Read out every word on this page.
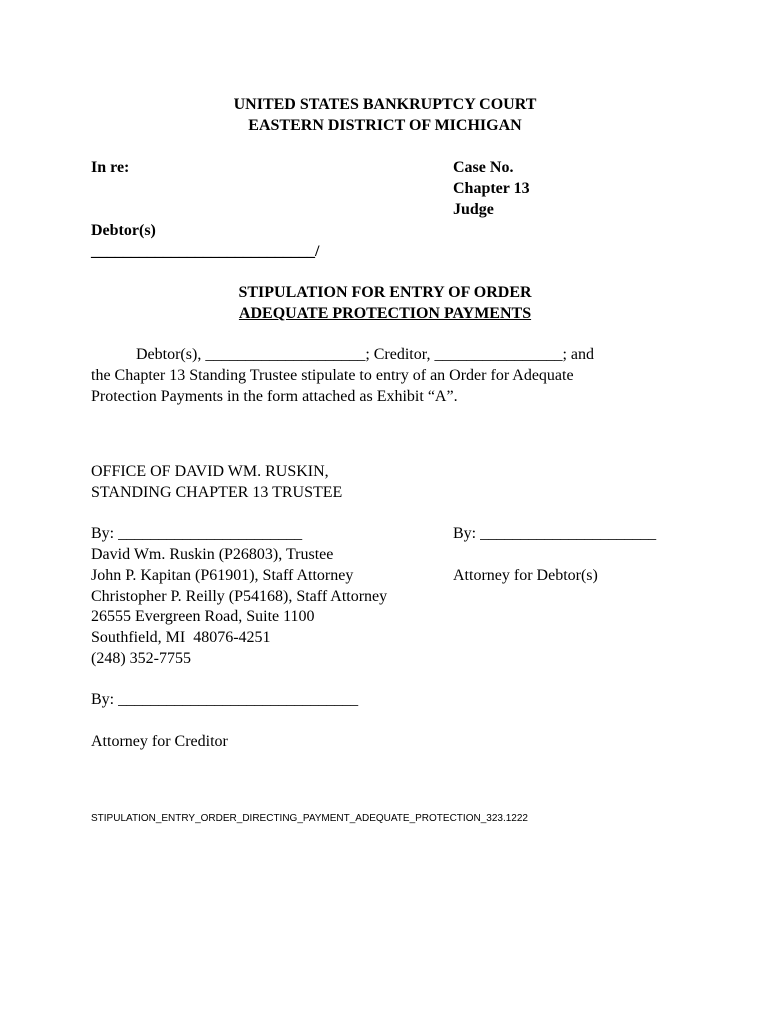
UNITED STATES BANKRUPTCY COURT
EASTERN DISTRICT OF MICHIGAN
In re:	Case No.
Chapter 13
Judge
Debtor(s)
____________________________/
STIPULATION FOR ENTRY OF ORDER
ADEQUATE PROTECTION PAYMENTS
Debtor(s), ____________________; Creditor, ________________; and
the Chapter 13 Standing Trustee stipulate to entry of an Order for Adequate
Protection Payments in the form attached as Exhibit “A”.
OFFICE OF DAVID WM. RUSKIN,
STANDING CHAPTER 13 TRUSTEE
By: _______________________	By: ______________________
David Wm. Ruskin (P26803), Trustee
John P. Kapitan (P61901), Staff Attorney	Attorney for Debtor(s)
Christopher P. Reilly (P54168), Staff Attorney
26555 Evergreen Road, Suite 1100
Southfield, MI  48076-4251
(248) 352-7755
By: ______________________________
Attorney for Creditor
STIPULATION_ENTRY_ORDER_DIRECTING_PAYMENT_ADEQUATE_PROTECTION_323.1222
